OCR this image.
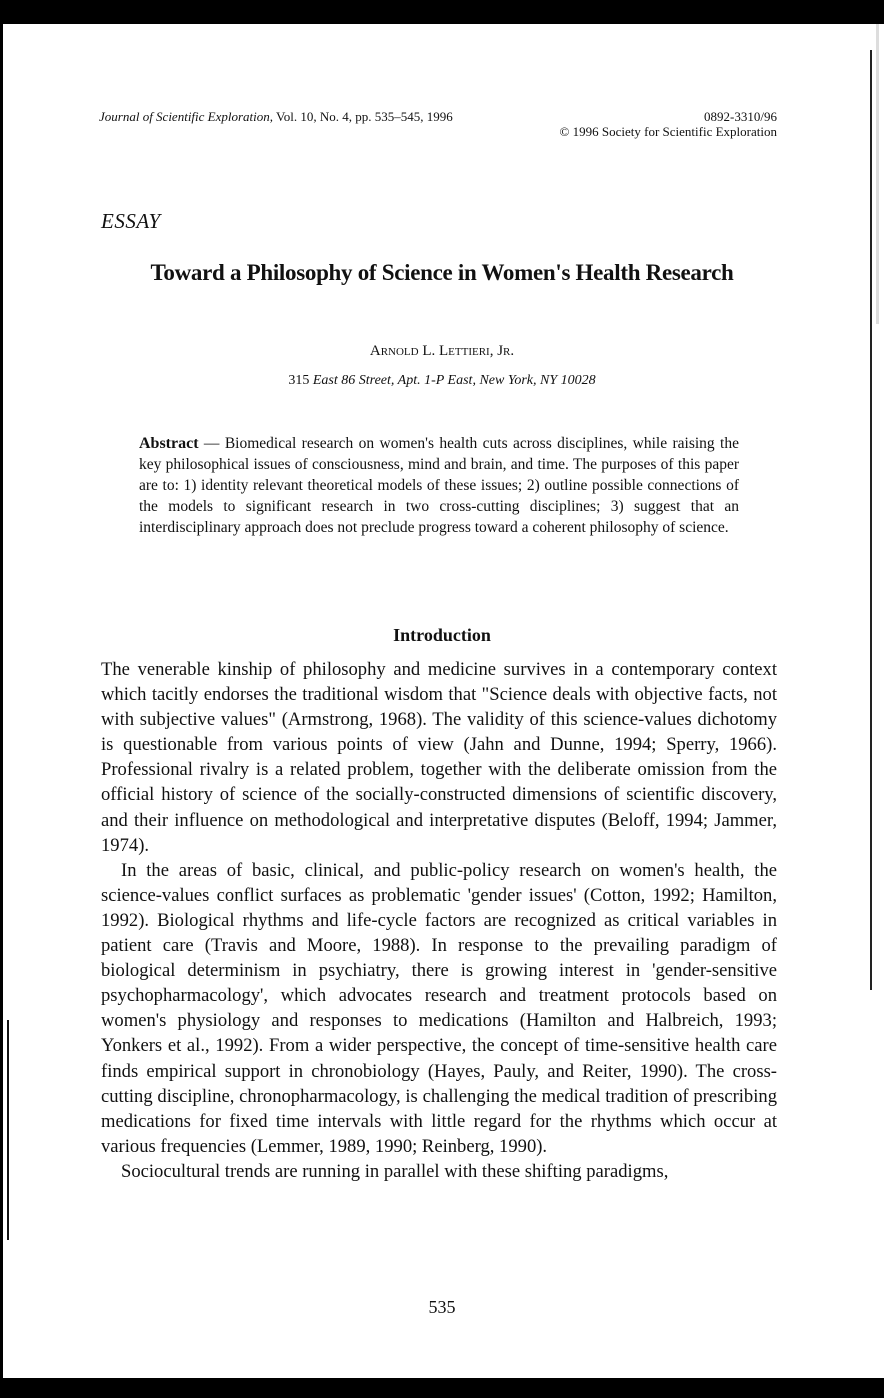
Journal of Scientific Exploration, Vol. 10, No. 4, pp. 535–545, 1996	0892-3310/96
© 1996 Society for Scientific Exploration
ESSAY
Toward a Philosophy of Science in Women's Health Research
Arnold L. Lettieri, Jr.
315 East 86 Street, Apt. 1-P East, New York, NY 10028
Abstract — Biomedical research on women's health cuts across disciplines, while raising the key philosophical issues of consciousness, mind and brain, and time. The purposes of this paper are to: 1) identity relevant theoretical models of these issues; 2) outline possible connections of the models to significant research in two cross-cutting disciplines; 3) suggest that an interdisciplinary approach does not preclude progress toward a coherent philosophy of science.
Introduction

The venerable kinship of philosophy and medicine survives in a contemporary context which tacitly endorses the traditional wisdom that "Science deals with objective facts, not with subjective values" (Armstrong, 1968). The validity of this science-values dichotomy is questionable from various points of view (Jahn and Dunne, 1994; Sperry, 1966). Professional rivalry is a related problem, together with the deliberate omission from the official history of science of the socially-constructed dimensions of scientific discovery, and their influence on methodological and interpretative disputes (Beloff, 1994; Jammer, 1974).

In the areas of basic, clinical, and public-policy research on women's health, the science-values conflict surfaces as problematic 'gender issues' (Cotton, 1992; Hamilton, 1992). Biological rhythms and life-cycle factors are recognized as critical variables in patient care (Travis and Moore, 1988). In response to the prevailing paradigm of biological determinism in psychiatry, there is growing interest in 'gender-sensitive psychopharmacology', which advocates research and treatment protocols based on women's physiology and responses to medications (Hamilton and Halbreich, 1993; Yonkers et al., 1992). From a wider perspective, the concept of time-sensitive health care finds empirical support in chronobiology (Hayes, Pauly, and Reiter, 1990). The cross-cutting discipline, chronopharmacology, is challenging the medical tradition of prescribing medications for fixed time intervals with little regard for the rhythms which occur at various frequencies (Lemmer, 1989, 1990; Reinberg, 1990).

Sociocultural trends are running in parallel with these shifting paradigms,

535
